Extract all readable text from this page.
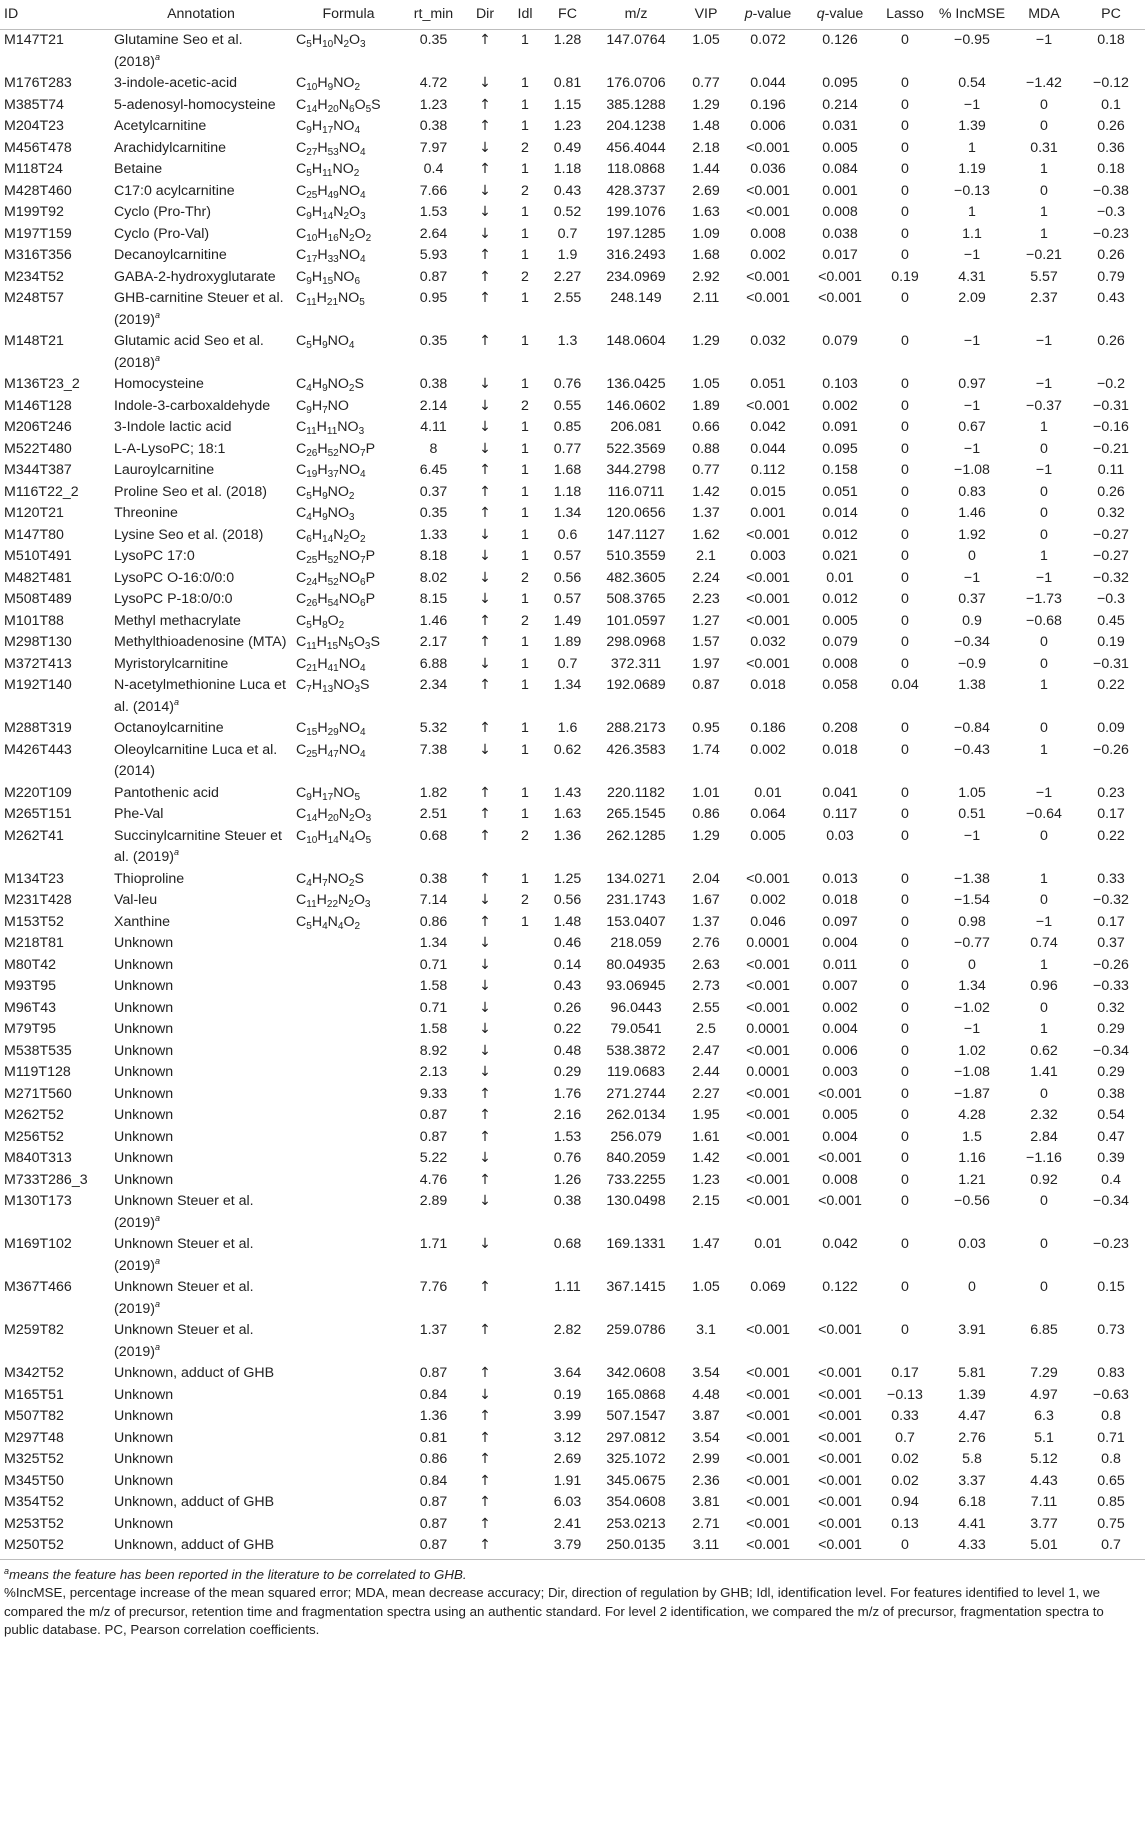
ID	Annotation	Formula	rt_min	Dir	Idl	FC	m/z	VIP	p-value	q-value	Lasso	% IncMSE	MDA	PC
M147T21	Glutamine Seo et al. $(2018)^a$	$C_5H_{10}N_2O_3$	0.35	↑	1	1.28	147.0764	1.05	0.072	0.126	0	−0.95	−1	0.18
M176T283	3-indole-acetic-acid	$C_{10}H_9NO_2$	4.72	↓	1	0.81	176.0706	0.77	0.044	0.095	0	0.54	−1.42	−0.12
M385T74	5-adenosyl-homocysteine	$C_{14}H_{20}N_6O_5S$	1.23	↑	1	1.15	385.1288	1.29	0.196	0.214	0	−1	0	0.1
M204T23	Acetylcarnitine	$C_9H_{17}NO_4$	0.38	↑	1	1.23	204.1238	1.48	0.006	0.031	0	1.39	0	0.26
M456T478	Arachidylcarnitine	$C_{27}H_{53}NO_4$	7.97	↓	2	0.49	456.4044	2.18	<0.001	0.005	0	1	0.31	0.36
M118T24	Betaine	$C_5H_{11}NO_2$	0.4	↑	1	1.18	118.0868	1.44	0.036	0.084	0	1.19	1	0.18
M428T460	C17:0 acylcarnitine	$C_{25}H_{49}NO_4$	7.66	↓	2	0.43	428.3737	2.69	<0.001	0.001	0	−0.13	0	−0.38
M199T92	Cyclo (Pro-Thr)	$C_9H_{14}N_2O_3$	1.53	↓	1	0.52	199.1076	1.63	<0.001	0.008	0	1	1	−0.3
M197T159	Cyclo (Pro-Val)	$C_{10}H_{16}N_2O_2$	2.64	↓	1	0.7	197.1285	1.09	0.008	0.038	0	1.1	1	−0.23
M316T356	Decanoylcarnitine	$C_{17}H_{33}NO_4$	5.93	↑	1	1.9	316.2493	1.68	0.002	0.017	0	−1	−0.21	0.26
M234T52	GABA-2-hydroxyglutarate	$C_9H_{15}NO_6$	0.87	↑	2	2.27	234.0969	2.92	<0.001	<0.001	0.19	4.31	5.57	0.79
M248T57	GHB-carnitine Steuer et al. $(2019)^a$	$C_{11}H_{21}NO_5$	0.95	↑	1	2.55	248.149	2.11	<0.001	<0.001	0	2.09	2.37	0.43
M148T21	Glutamic acid Seo et al. $(2018)^a$	$C_5H_9NO_4$	0.35	↑	1	1.3	148.0604	1.29	0.032	0.079	0	−1	−1	0.26
M136T23_2	Homocysteine	$C_4H_9NO_2S$	0.38	↓	1	0.76	136.0425	1.05	0.051	0.103	0	0.97	−1	−0.2
M146T128	Indole-3-carboxaldehyde	$C_9H_7NO$	2.14	↓	2	0.55	146.0602	1.89	<0.001	0.002	0	−1	−0.37	−0.31
M206T246	3-Indole lactic acid	$C_{11}H_{11}NO_3$	4.11	↓	1	0.85	206.081	0.66	0.042	0.091	0	0.67	1	−0.16
M522T480	L-A-LysoPC; 18:1	$C_{26}H_{52}NO_7P$	8	↓	1	0.77	522.3569	0.88	0.044	0.095	0	−1	0	−0.21
M344T387	Lauroylcarnitine	$C_{19}H_{37}NO_4$	6.45	↑	1	1.68	344.2798	0.77	0.112	0.158	0	−1.08	−1	0.11
M116T22_2	Proline Seo et al. (2018)	$C_5H_9NO_2$	0.37	↑	1	1.18	116.0711	1.42	0.015	0.051	0	0.83	0	0.26
M120T21	Threonine	$C_4H_9NO_3$	0.35	↑	1	1.34	120.0656	1.37	0.001	0.014	0	1.46	0	0.32
M147T80	Lysine Seo et al. (2018)	$C_6H_{14}N_2O_2$	1.33	↓	1	0.6	147.1127	1.62	<0.001	0.012	0	1.92	0	−0.27
M510T491	LysoPC 17:0	$C_{25}H_{52}NO_7P$	8.18	↓	1	0.57	510.3559	2.1	0.003	0.021	0	0	1	−0.27
M482T481	LysoPC O-16:0/0:0	$C_{24}H_{52}NO_6P$	8.02	↓	2	0.56	482.3605	2.24	<0.001	0.01	0	−1	−1	−0.32
M508T489	LysoPC P-18:0/0:0	$C_{26}H_{54}NO_6P$	8.15	↓	1	0.57	508.3765	2.23	<0.001	0.012	0	0.37	−1.73	−0.3
M101T88	Methyl methacrylate	$C_5H_8O_2$	1.46	↑	2	1.49	101.0597	1.27	<0.001	0.005	0	0.9	−0.68	0.45
M298T130	Methylthioadenosine (MTA)	$C_{11}H_{15}N_5O_3S$	2.17	↑	1	1.89	298.0968	1.57	0.032	0.079	0	−0.34	0	0.19
M372T413	Myristorylcarnitine	$C_{21}H_{41}NO_4$	6.88	↓	1	0.7	372.311	1.97	<0.001	0.008	0	−0.9	0	−0.31
M192T140	N-acetylmethionine Luca et al. $(2014)^a$	$C_7H_{13}NO_3S$	2.34	↑	1	1.34	192.0689	0.87	0.018	0.058	0.04	1.38	1	0.22
M288T319	Octanoylcarnitine	$C_{15}H_{29}NO_4$	5.32	↑	1	1.6	288.2173	0.95	0.186	0.208	0	−0.84	0	0.09
M426T443	Oleoylcarnitine Luca et al. (2014)	$C_{25}H_{47}NO_4$	7.38	↓	1	0.62	426.3583	1.74	0.002	0.018	0	−0.43	1	−0.26
M220T109	Pantothenic acid	$C_9H_{17}NO_5$	1.82	↑	1	1.43	220.1182	1.01	0.01	0.041	0	1.05	−1	0.23
M265T151	Phe-Val	$C_{14}H_{20}N_2O_3$	2.51	↑	1	1.63	265.1545	0.86	0.064	0.117	0	0.51	−0.64	0.17
M262T41	Succinylcarnitine Steuer et al. $(2019)^a$	$C_{10}H_{14}N_4O_5$	0.68	↑	2	1.36	262.1285	1.29	0.005	0.03	0	−1	0	0.22
M134T23	Thioproline	$C_4H_7NO_2S$	0.38	↑	1	1.25	134.0271	2.04	<0.001	0.013	0	−1.38	1	0.33
M231T428	Val-leu	$C_{11}H_{22}N_2O_3$	7.14	↓	2	0.56	231.1743	1.67	0.002	0.018	0	−1.54	0	−0.32
M153T52	Xanthine	$C_5H_4N_4O_2$	0.86	↑	1	1.48	153.0407	1.37	0.046	0.097	0	0.98	−1	0.17
M218T81	Unknown		1.34	↓		0.46	218.059	2.76	0.0001	0.004	0	−0.77	0.74	0.37
M80T42	Unknown		0.71	↓		0.14	80.04935	2.63	<0.001	0.011	0	0	1	−0.26
M93T95	Unknown		1.58	↓		0.43	93.06945	2.73	<0.001	0.007	0	1.34	0.96	−0.33
M96T43	Unknown		0.71	↓		0.26	96.0443	2.55	<0.001	0.002	0	−1.02	0	0.32
M79T95	Unknown		1.58	↓		0.22	79.0541	2.5	0.0001	0.004	0	−1	1	0.29
M538T535	Unknown		8.92	↓		0.48	538.3872	2.47	<0.001	0.006	0	1.02	0.62	−0.34
M119T128	Unknown		2.13	↓		0.29	119.0683	2.44	0.0001	0.003	0	−1.08	1.41	0.29
M271T560	Unknown		9.33	↑		1.76	271.2744	2.27	<0.001	<0.001	0	−1.87	0	0.38
M262T52	Unknown		0.87	↑		2.16	262.0134	1.95	<0.001	0.005	0	4.28	2.32	0.54
M256T52	Unknown		0.87	↑		1.53	256.079	1.61	<0.001	0.004	0	1.5	2.84	0.47
M840T313	Unknown		5.22	↓		0.76	840.2059	1.42	<0.001	<0.001	0	1.16	−1.16	0.39
M733T286_3	Unknown		4.76	↑		1.26	733.2255	1.23	<0.001	0.008	0	1.21	0.92	0.4
M130T173	Unknown Steuer et al. $(2019)^a$		2.89	↓		0.38	130.0498	2.15	<0.001	<0.001	0	−0.56	0	−0.34
M169T102	Unknown Steuer et al. $(2019)^a$		1.71	↓		0.68	169.1331	1.47	0.01	0.042	0	0.03	0	−0.23
M367T466	Unknown Steuer et al. $(2019)^a$		7.76	↑		1.11	367.1415	1.05	0.069	0.122	0	0	0	0.15
M259T82	Unknown Steuer et al. $(2019)^a$		1.37	↑		2.82	259.0786	3.1	<0.001	<0.001	0	3.91	6.85	0.73
M342T52	Unknown, adduct of GHB		0.87	↑		3.64	342.0608	3.54	<0.001	<0.001	0.17	5.81	7.29	0.83
M165T51	Unknown		0.84	↓		0.19	165.0868	4.48	<0.001	<0.001	−0.13	1.39	4.97	−0.63
M507T82	Unknown		1.36	↑		3.99	507.1547	3.87	<0.001	<0.001	0.33	4.47	6.3	0.8
M297T48	Unknown		0.81	↑		3.12	297.0812	3.54	<0.001	<0.001	0.7	2.76	5.1	0.71
M325T52	Unknown		0.86	↑		2.69	325.1072	2.99	<0.001	<0.001	0.02	5.8	5.12	0.8
M345T50	Unknown		0.84	↑		1.91	345.0675	2.36	<0.001	<0.001	0.02	3.37	4.43	0.65
M354T52	Unknown, adduct of GHB		0.87	↑		6.03	354.0608	3.81	<0.001	<0.001	0.94	6.18	7.11	0.85
M253T52	Unknown		0.87	↑		2.41	253.0213	2.71	<0.001	<0.001	0.13	4.41	3.77	0.75
M250T52	Unknown, adduct of GHB		0.87	↑		3.79	250.0135	3.11	<0.001	<0.001	0	4.33	5.01	0.7

$^a$means the feature has been reported in the literature to be correlated to GHB.

%IncMSE, percentage increase of the mean squared error; MDA, mean decrease accuracy; Dir, direction of regulation by GHB; Idl, identification level. For features identified to level 1, we compared the m/z of precursor, retention time and fragmentation spectra using an authentic standard. For level 2 identification, we compared the m/z of precursor, fragmentation spectra to public database. PC, Pearson correlation coefficients.
